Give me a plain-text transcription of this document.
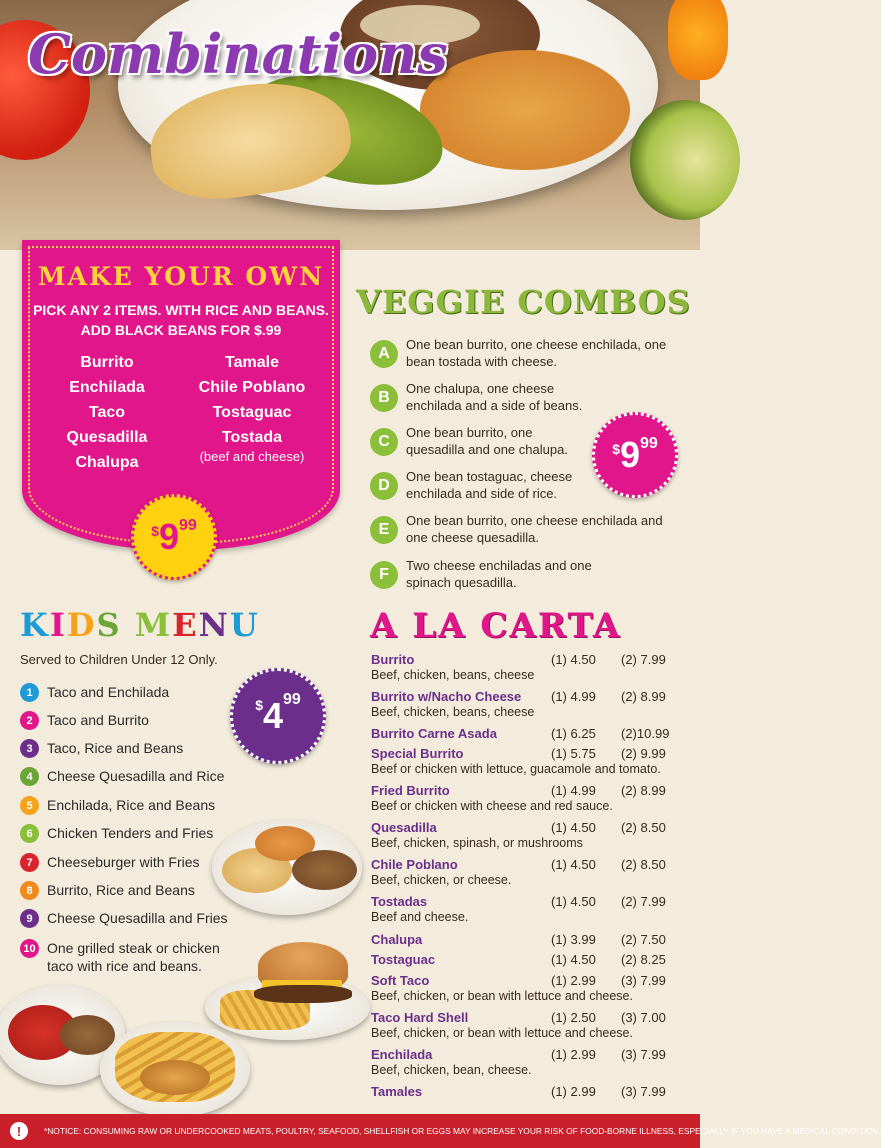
Combinations
MAKE YOUR OWN
PICK ANY 2 ITEMS. WITH RICE AND BEANS.
ADD BLACK BEANS FOR $.99
Burrito
Enchilada
Taco
Quesadilla
Chalupa
Tamale
Chile Poblano
Tostaguac
Tostada
(beef and cheese)
$ 9 99
VEGGIE COMBOS
A
One bean burrito, one cheese enchilada, one bean tostada with cheese.
B
One chalupa, one cheese enchilada and a side of beans.
C
One bean burrito, one quesadilla and one chalupa.
D
One bean tostaguac, cheese enchilada and side of rice.
E
One bean burrito, one cheese enchilada and one cheese quesadilla.
F
Two cheese enchiladas and one spinach quesadilla.
$ 9 99
KIDS MENU
Served to Children Under 12 Only.
1	Taco and Enchilada
2	Taco and Burrito
3	Taco, Rice and Beans
4	Cheese Quesadilla and Rice
5	Enchilada, Rice and Beans
6	Chicken Tenders and Fries
7	Cheeseburger with Fries
8	Burrito, Rice and Beans
9	Cheese Quesadilla and Fries
10 One grilled steak or chicken taco with rice and beans.
$ 4 99
A LA CARTA
Burrito	(1) 4.50	(2) 7.99
Beef, chicken, beans, cheese
Burrito w/Nacho Cheese	(1) 4.99	(2) 8.99
Beef, chicken, beans, cheese
Burrito Carne Asada	(1) 6.25	(2)10.99
Special Burrito	(1) 5.75	(2) 9.99
Beef or chicken with lettuce, guacamole and tomato.
Fried Burrito	(1) 4.99	(2) 8.99
Beef or chicken with cheese and red sauce.
Quesadilla	(1) 4.50	(2) 8.50
Beef, chicken, spinash, or mushrooms
Chile Poblano	(1) 4.50	(2) 8.50
Beef, chicken, or cheese.
Tostadas	(1) 4.50	(2) 7.99
Beef and cheese.
Chalupa	(1) 3.99	(2) 7.50
Tostaguac	(1) 4.50	(2) 8.25
Soft Taco	(1) 2.99	(3) 7.99
Beef, chicken, or bean with lettuce and cheese.
Taco Hard Shell	(1) 2.50	(3) 7.00
Beef, chicken, or bean with lettuce and cheese.
Enchilada	(1) 2.99	(3) 7.99
Beef, chicken, bean, cheese.
Tamales	(1) 2.99	(3) 7.99
!	*NOTICE: CONSUMING RAW OR UNDERCOOKED MEATS, POULTRY, SEAFOOD, SHELLFISH OR EGGS MAY INCREASE YOUR RISK OF FOOD-BORNE ILLNESS, ESPECIALLY IF YOU HAVE A MEDICAL CONDITION.
